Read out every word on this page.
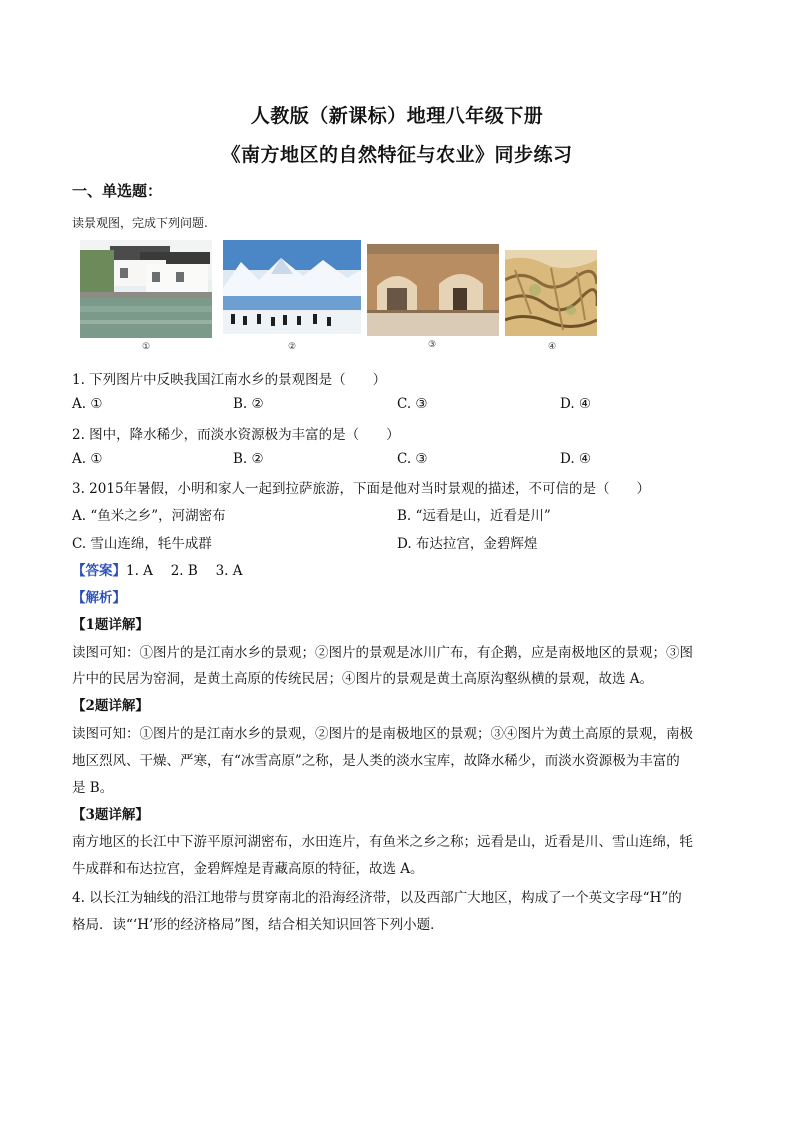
人教版（新课标）地理八年级下册
《南方地区的自然特征与农业》同步练习
一、单选题：
读景观图，完成下列问题.
①	②	③	④
1. 下列图片中反映我国江南水乡的景观图是（　　）
A. ①	B. ②	C. ③	D. ④
2. 图中，降水稀少，而淡水资源极为丰富的是（　　）
A. ①	B. ②	C. ③	D. ④
3. 2015年暑假，小明和家人一起到拉萨旅游，下面是他对当时景观的描述，不可信的是（　　）
A. “鱼米之乡”，河湖密布	B. “远看是山，近看是川”
C. 雪山连绵，牦牛成群	D. 布达拉宫，金碧辉煌
【答案】1. A　 2. B　 3. A
【解析】
【1题详解】
读图可知：①图片的是江南水乡的景观；②图片的景观是冰川广布，有企鹅，应是南极地区的景观；③图
片中的民居为窑洞，是黄土高原的传统民居；④图片的景观是黄土高原沟壑纵横的景观，故选 A。
【2题详解】
读图可知：①图片的是江南水乡的景观，②图片的是南极地区的景观；③④图片为黄土高原的景观，南极
地区烈风、干燥、严寒，有“冰雪高原”之称，是人类的淡水宝库，故降水稀少，而淡水资源极为丰富的
是 B。
【3题详解】
南方地区的长江中下游平原河湖密布，水田连片，有鱼米之乡之称；远看是山，近看是川、雪山连绵，牦
牛成群和布达拉宫，金碧辉煌是青藏高原的特征，故选 A。
4. 以长江为轴线的沿江地带与贯穿南北的沿海经济带，以及西部广大地区，构成了一个英文字母“H”的
格局．读“‘H’形的经济格局”图，结合相关知识回答下列小题．
